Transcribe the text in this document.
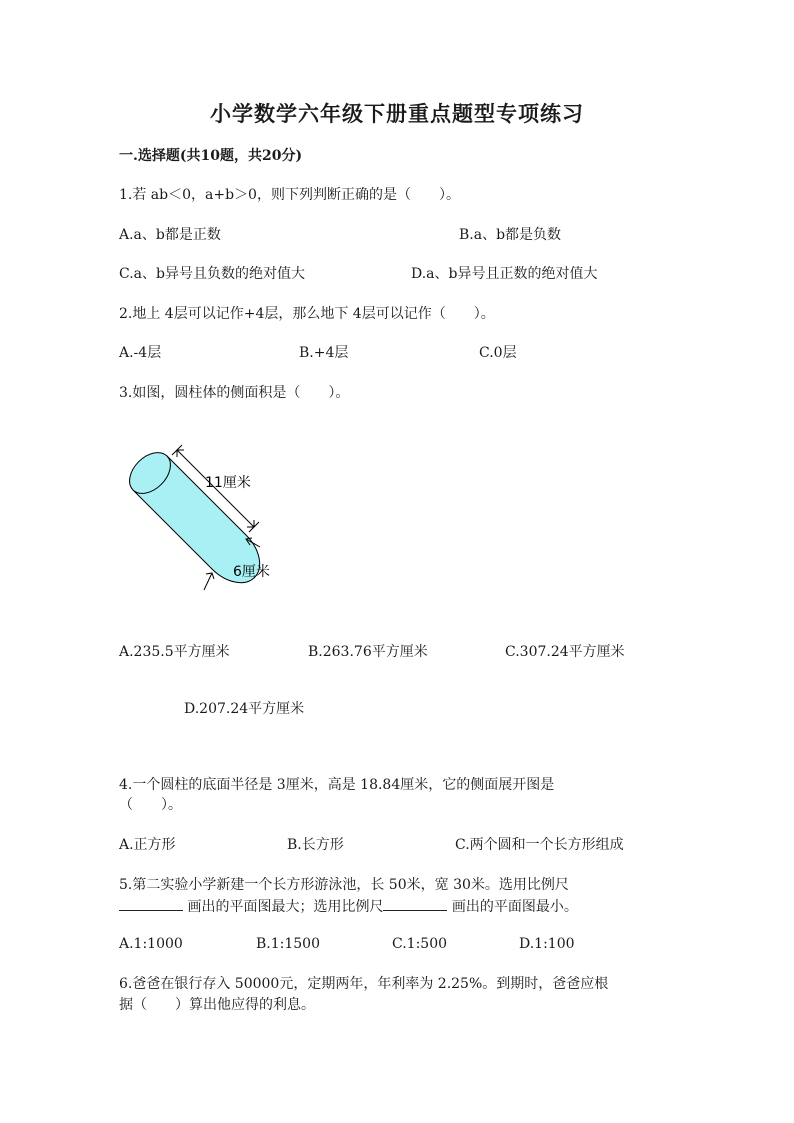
小学数学六年级下册重点题型专项练习
一.选择题(共10题，共20分)
1.若 ab＜0，a+b＞0，则下列判断正确的是（　　）。
A.a、b都是正数	B.a、b都是负数
C.a、b异号且负数的绝对值大	D.a、b异号且正数的绝对值大
2.地上 4层可以记作+4层，那么地下 4层可以记作（　　）。
A.-4层	B.+4层	C.0层
3.如图，圆柱体的侧面积是（　　）。
11厘米
6厘米
A.235.5平方厘米	B.263.76平方厘米	C.307.24平方厘米
D.207.24平方厘米
4.一个圆柱的底面半径是 3厘米，高是 18.84厘米，它的侧面展开图是
（　　）。
A.正方形	B.长方形	C.两个圆和一个长方形组成
5.第二实验小学新建一个长方形游泳池，长 50米，宽 30米。选用比例尺
画出的平面图最大；选用比例尺	画出的平面图最小。
A.1:1000	B.1:1500	C.1:500	D.1:100
6.爸爸在银行存入 50000元，定期两年，年利率为 2.25%。到期时，爸爸应根
据（　　）算出他应得的利息。
